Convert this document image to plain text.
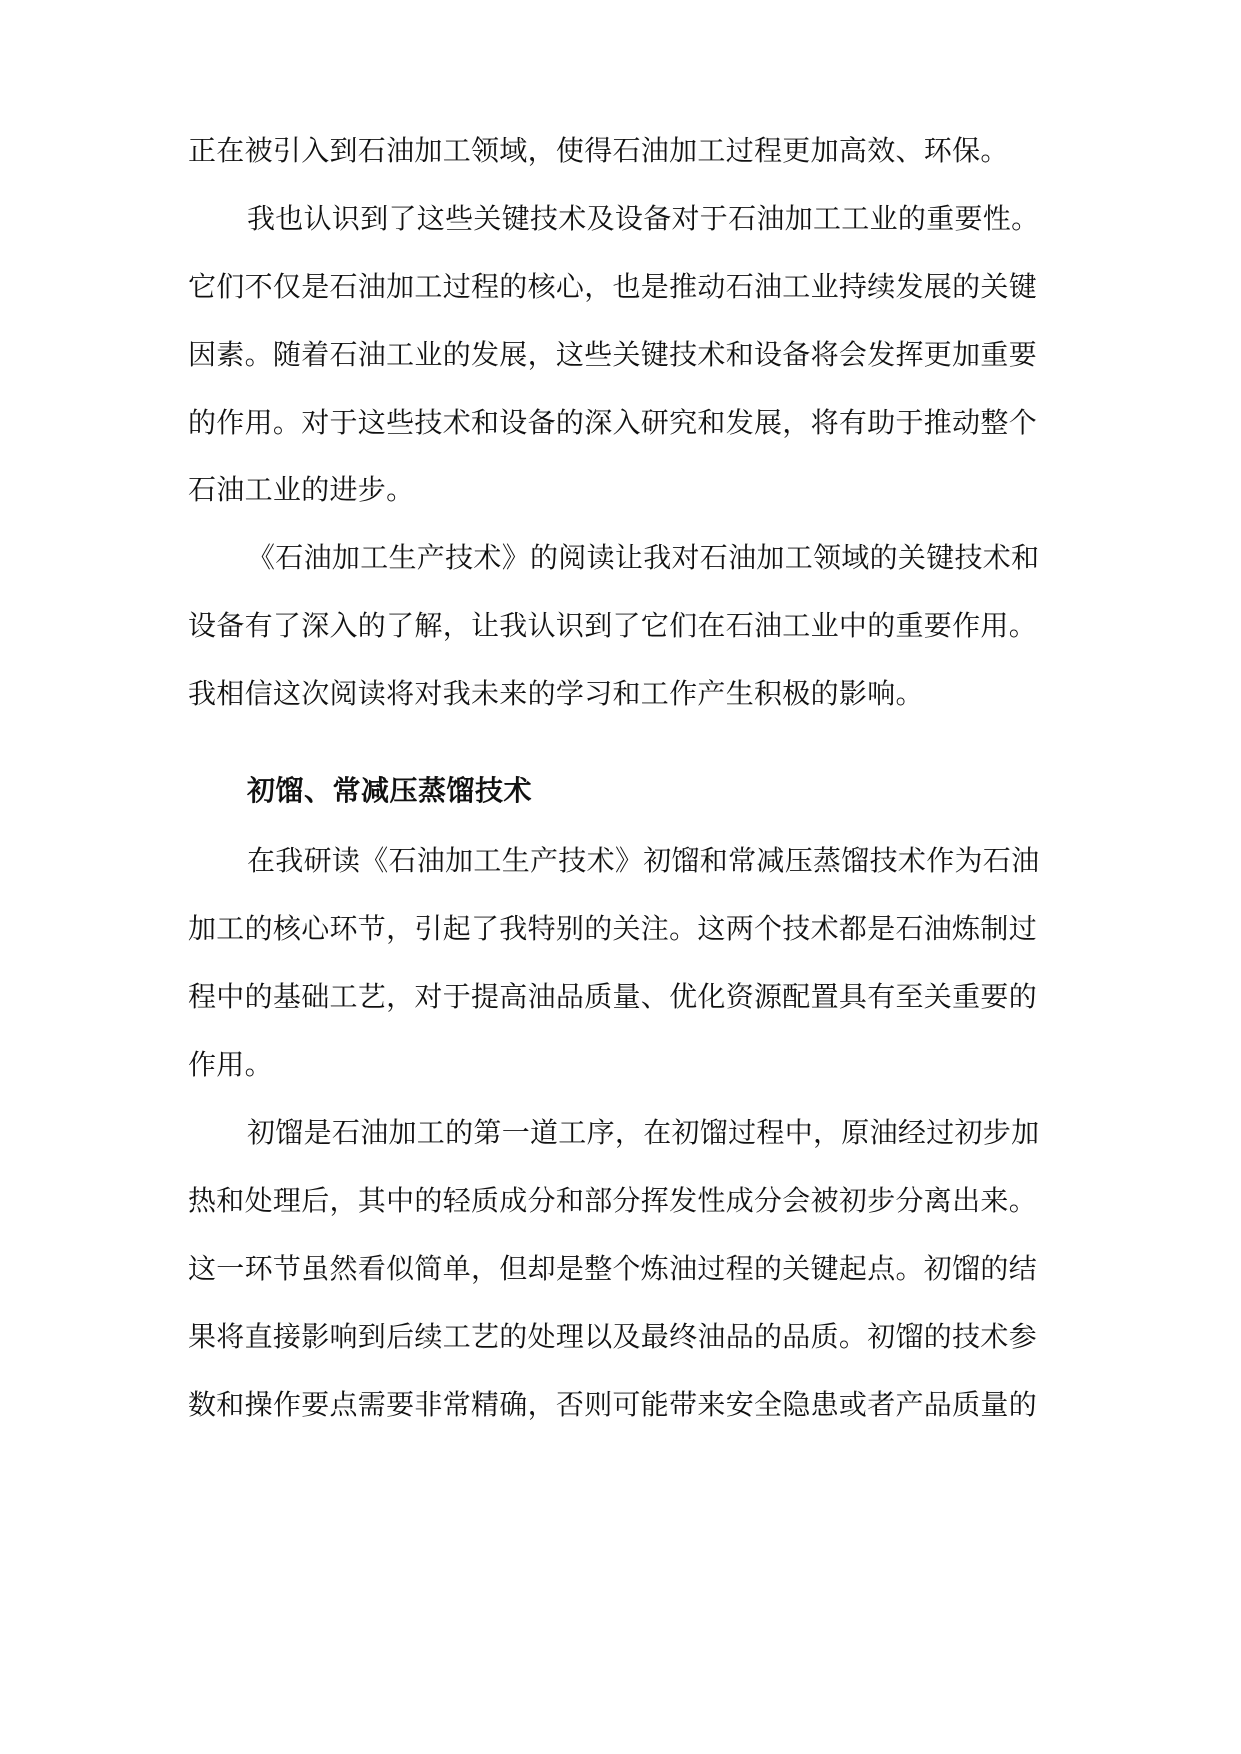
正在被引入到石油加工领域，使得石油加工过程更加高效、环保。
我也认识到了这些关键技术及设备对于石油加工工业的重要性。
它们不仅是石油加工过程的核心，也是推动石油工业持续发展的关键
因素。随着石油工业的发展，这些关键技术和设备将会发挥更加重要
的作用。对于这些技术和设备的深入研究和发展，将有助于推动整个
石油工业的进步。
《石油加工生产技术》的阅读让我对石油加工领域的关键技术和
设备有了深入的了解，让我认识到了它们在石油工业中的重要作用。
我相信这次阅读将对我未来的学习和工作产生积极的影响。
初馏、常减压蒸馏技术
在我研读《石油加工生产技术》初馏和常减压蒸馏技术作为石油
加工的核心环节，引起了我特别的关注。这两个技术都是石油炼制过
程中的基础工艺，对于提高油品质量、优化资源配置具有至关重要的
作用。
初馏是石油加工的第一道工序，在初馏过程中，原油经过初步加
热和处理后，其中的轻质成分和部分挥发性成分会被初步分离出来。
这一环节虽然看似简单，但却是整个炼油过程的关键起点。初馏的结
果将直接影响到后续工艺的处理以及最终油品的品质。初馏的技术参
数和操作要点需要非常精确，否则可能带来安全隐患或者产品质量的
